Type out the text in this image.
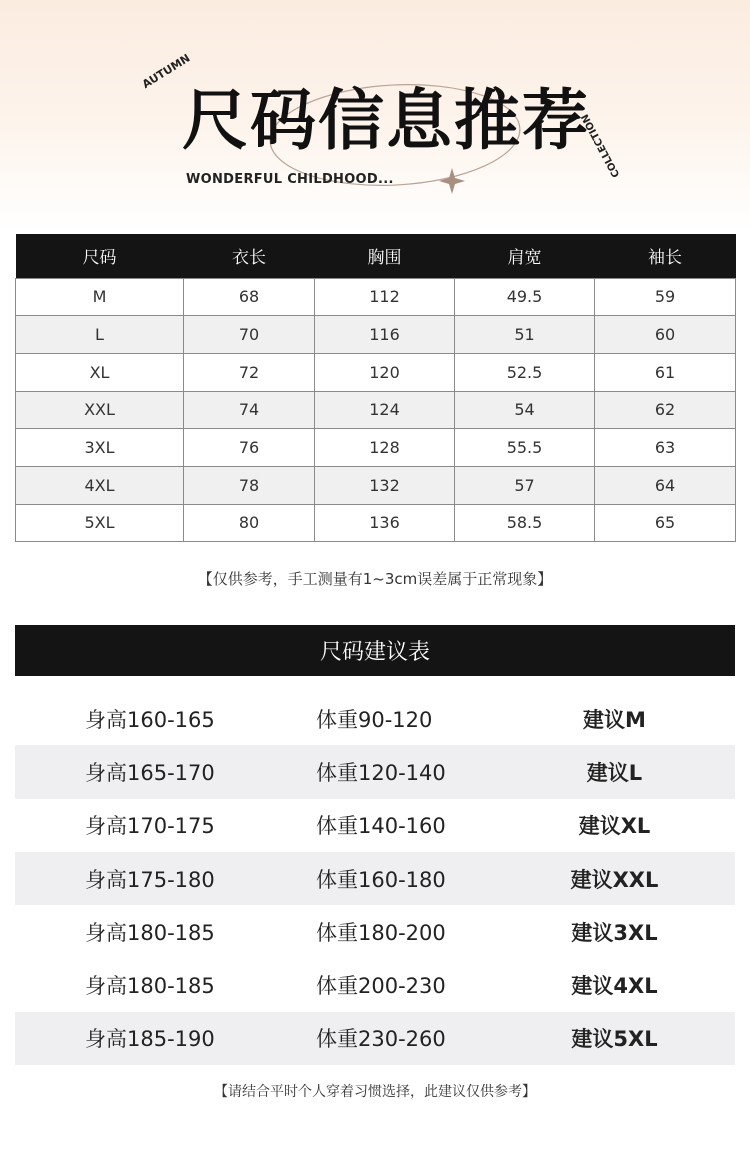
AUTUMN
尺码信息推荐
WONDERFUL CHILDHOOD...
COLLECTION
尺码	衣长	胸围	肩宽	袖长
M	68	112	49.5	59
L	70	116	51	60
XL	72	120	52.5	61
XXL	74	124	54	62
3XL	76	128	55.5	63
4XL	78	132	57	64
5XL	80	136	58.5	65
【仅供参考，手工测量有1~3cm误差属于正常现象】
尺码建议表
身高160-165	体重90-120	建议M
身高165-170	体重120-140	建议L
身高170-175	体重140-160	建议XL
身高175-180	体重160-180	建议XXL
身高180-185	体重180-200	建议3XL
身高180-185	体重200-230	建议4XL
身高185-190	体重230-260	建议5XL
【请结合平时个人穿着习惯选择，此建议仅供参考】
